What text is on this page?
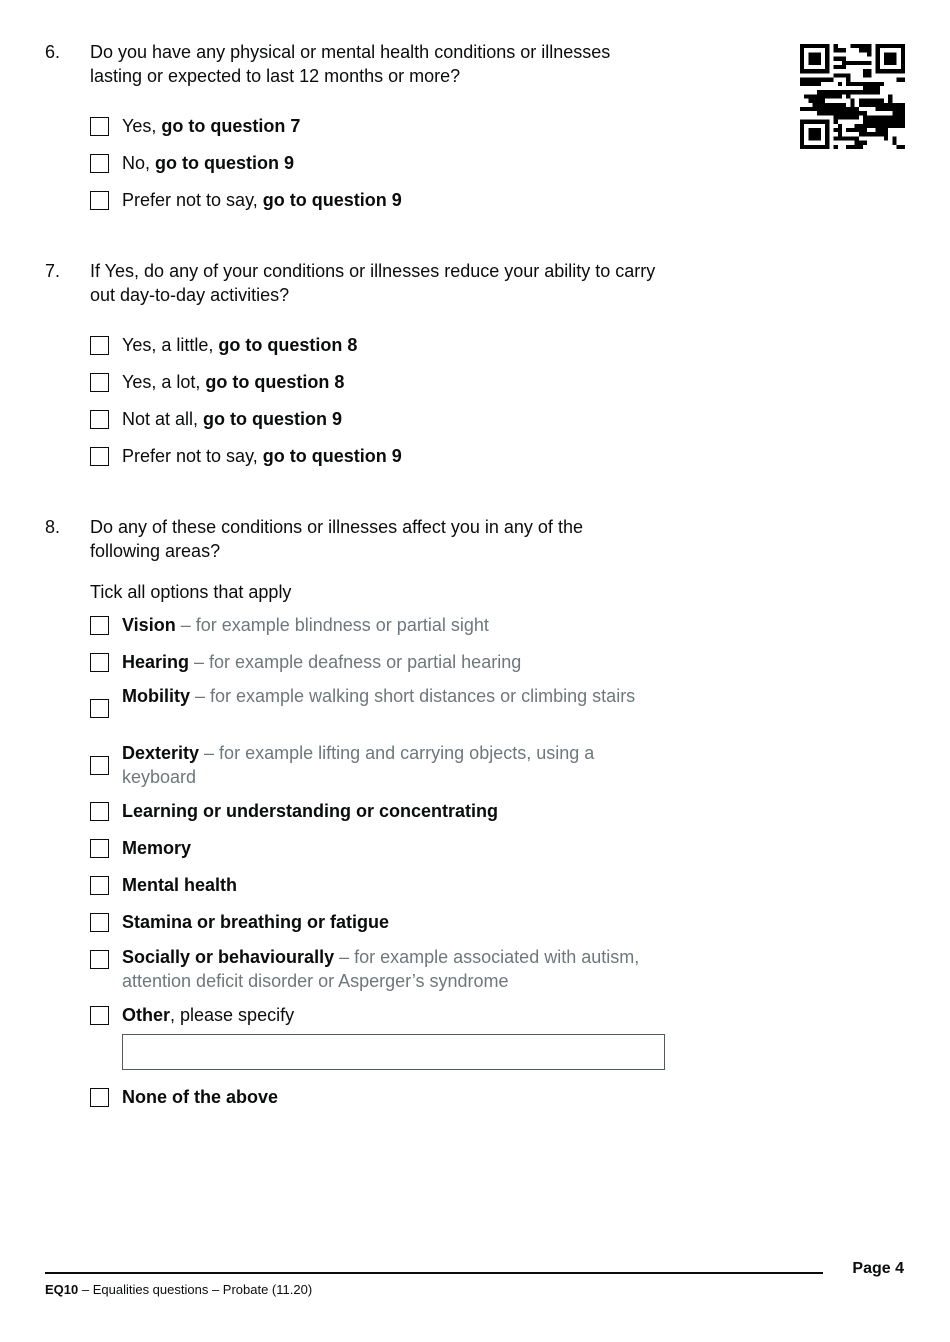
6. Do you have any physical or mental health conditions or illnesses lasting or expected to last 12 months or more?
Yes, go to question 7
No, go to question 9
Prefer not to say, go to question 9
7. If Yes, do any of your conditions or illnesses reduce your ability to carry out day-to-day activities?
Yes, a little, go to question 8
Yes, a lot, go to question 8
Not at all, go to question 9
Prefer not to say, go to question 9
8. Do any of these conditions or illnesses affect you in any of the following areas?
Tick all options that apply
Vision – for example blindness or partial sight
Hearing – for example deafness or partial hearing
Mobility – for example walking short distances or climbing stairs
Dexterity – for example lifting and carrying objects, using a keyboard
Learning or understanding or concentrating
Memory
Mental health
Stamina or breathing or fatigue
Socially or behaviourally – for example associated with autism, attention deficit disorder or Asperger’s syndrome
Other, please specify
None of the above
Page 4
EQ10 – Equalities questions – Probate (11.20)
